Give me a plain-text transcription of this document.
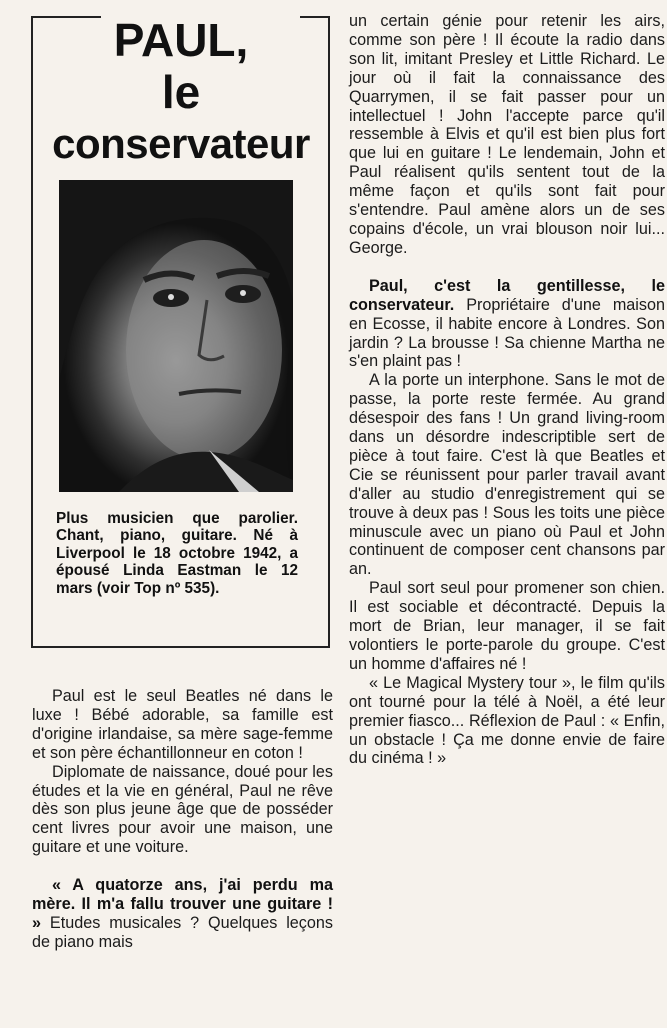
PAUL,
le
conservateur
Plus musicien que parolier. Chant, piano, guitare. Né à Liverpool le 18 octobre 1942, a épousé Linda Eastman le 12 mars (voir Top nº 535).

Paul est le seul Beatles né dans le luxe ! Bébé adorable, sa famille est d'origine irlandaise, sa mère sage-femme et son père échantillonneur en coton !

Diplomate de naissance, doué pour les études et la vie en général, Paul ne rêve dès son plus jeune âge que de posséder cent livres pour avoir une maison, une guitare et une voiture.

« A quatorze ans, j'ai perdu ma mère. Il m'a fallu trouver une guitare ! » Etudes musicales ? Quelques leçons de piano mais

un certain génie pour retenir les airs, comme son père ! Il écoute la radio dans son lit, imitant Presley et Little Richard. Le jour où il fait la connaissance des Quarrymen, il se fait passer pour un intellectuel ! John l'accepte parce qu'il ressemble à Elvis et qu'il est bien plus fort que lui en guitare ! Le lendemain, John et Paul réalisent qu'ils sentent tout de la même façon et qu'ils sont fait pour s'entendre. Paul amène alors un de ses copains d'école, un vrai blouson noir lui... George.

Paul, c'est la gentillesse, le conservateur. Propriétaire d'une maison en Ecosse, il habite encore à Londres. Son jardin ? La brousse ! Sa chienne Martha ne s'en plaint pas !

A la porte un interphone. Sans le mot de passe, la porte reste fermée. Au grand désespoir des fans ! Un grand living-room dans un désordre indescriptible sert de pièce à tout faire. C'est là que Beatles et Cie se réunissent pour parler travail avant d'aller au studio d'enregistrement qui se trouve à deux pas ! Sous les toits une pièce minuscule avec un piano où Paul et John continuent de composer cent chansons par an.

Paul sort seul pour promener son chien. Il est sociable et décontracté. Depuis la mort de Brian, leur manager, il se fait volontiers le porte-parole du groupe. C'est un homme d'affaires né !

« Le Magical Mystery tour », le film qu'ils ont tourné pour la télé à Noël, a été leur premier fiasco... Réflexion de Paul : « Enfin, un obstacle ! Ça me donne envie de faire du cinéma ! »
